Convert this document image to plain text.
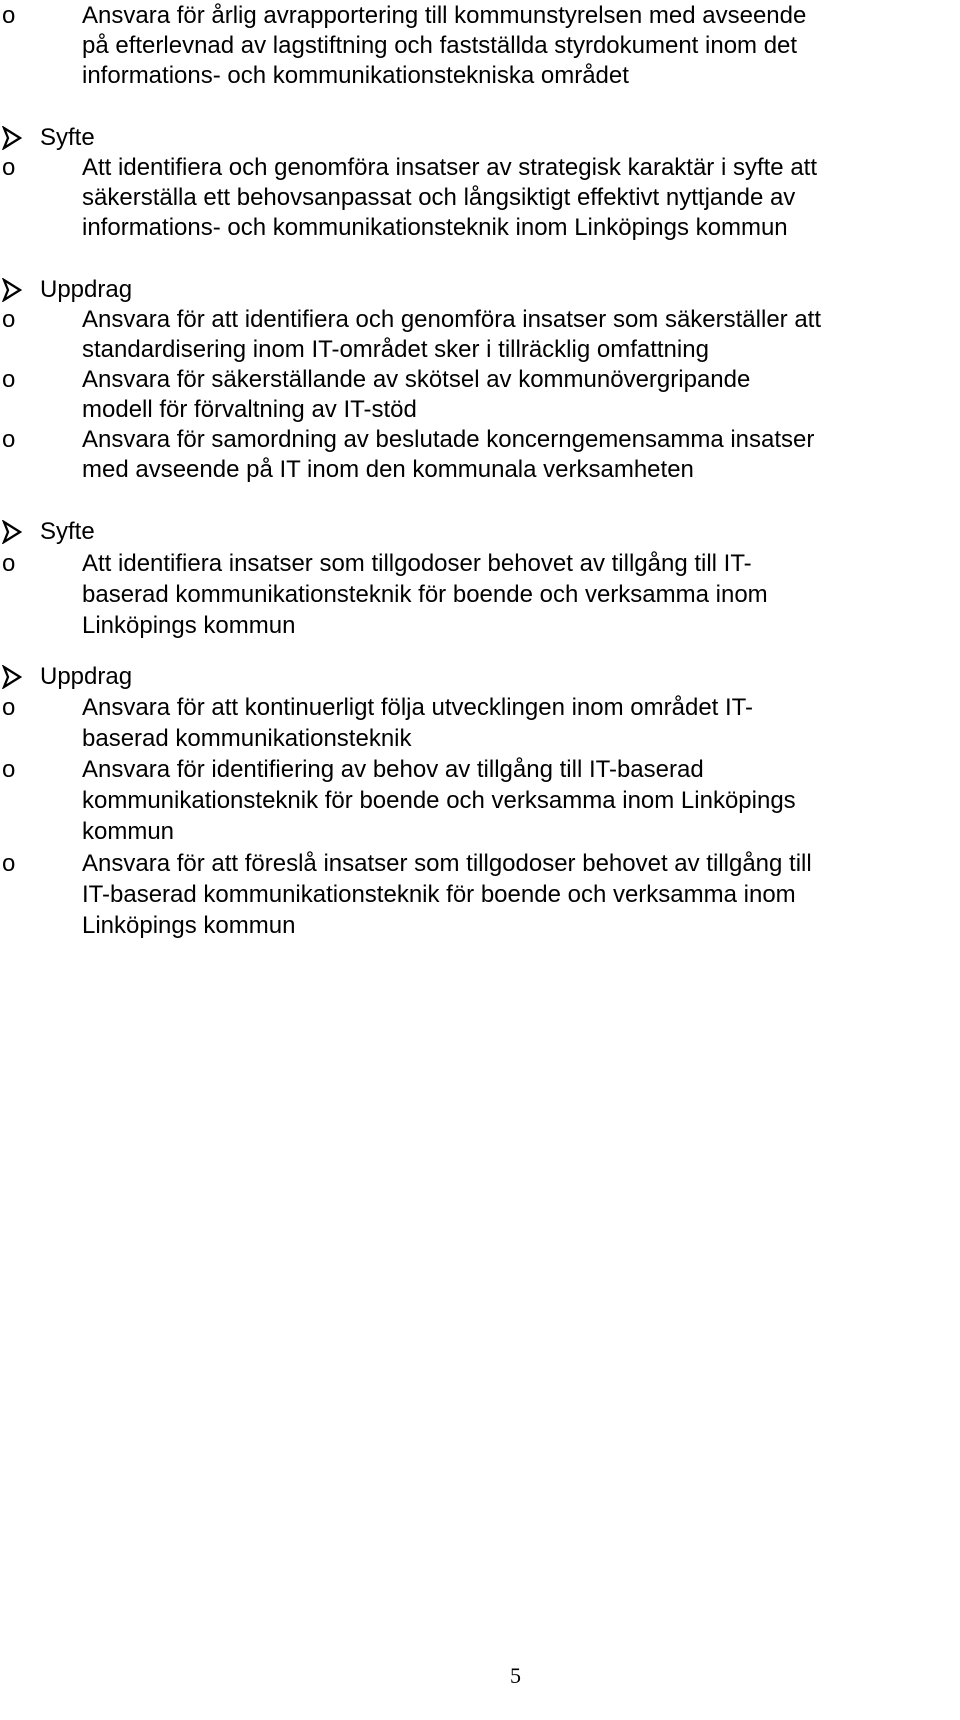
o	Ansvara för årlig avrapportering till kommunstyrelsen med avseende
på efterlevnad av lagstiftning och fastställda styrdokument inom det
informations- och kommunikationstekniska området
Syfte
o	Att identifiera och genomföra insatser av strategisk karaktär i syfte att
säkerställa ett behovsanpassat och långsiktigt effektivt nyttjande av
informations- och kommunikationsteknik inom Linköpings kommun
Uppdrag
o	Ansvara för att identifiera och genomföra insatser som säkerställer att
standardisering inom IT-området sker i tillräcklig omfattning
o	Ansvara för säkerställande av skötsel av kommunövergripande
modell för förvaltning av IT-stöd
o	Ansvara för samordning av beslutade koncerngemensamma insatser
med avseende på IT inom den kommunala verksamheten
Syfte
o	Att identifiera insatser som tillgodoser behovet av tillgång till IT-
baserad kommunikationsteknik för boende och verksamma inom
Linköpings kommun
Uppdrag
o	Ansvara för att kontinuerligt följa utvecklingen inom området IT-
baserad kommunikationsteknik
o	Ansvara för identifiering av behov av tillgång till IT-baserad
kommunikationsteknik för boende och verksamma inom Linköpings
kommun
o	Ansvara för att föreslå insatser som tillgodoser behovet av tillgång till
IT-baserad kommunikationsteknik för boende och verksamma inom
Linköpings kommun
5
